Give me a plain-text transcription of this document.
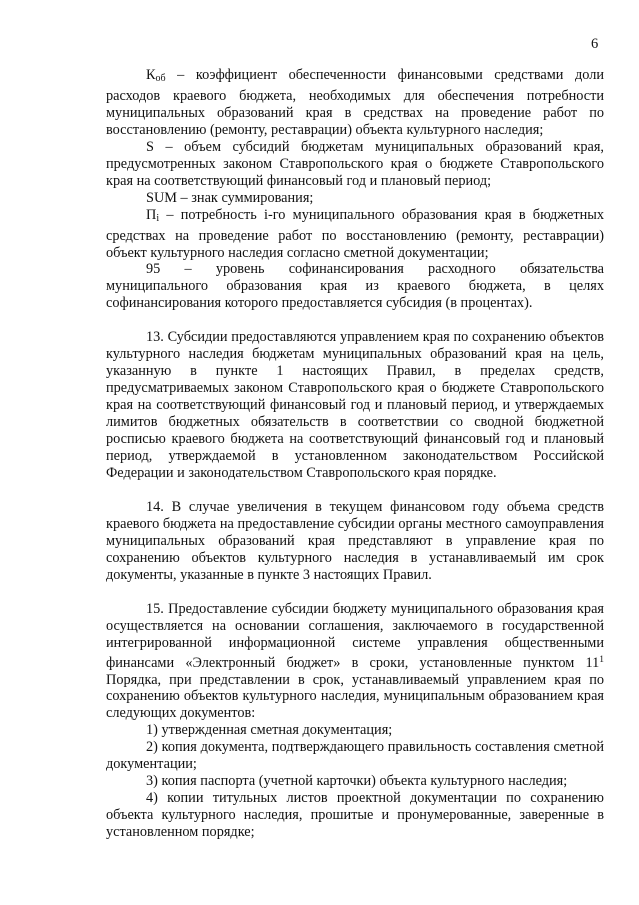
6

$К_{об}$ – коэффициент обеспеченности финансовыми средствами доли расходов краевого бюджета, необходимых для обеспечения потребности муниципальных образований края в средствах на проведение работ по восстановлению (ремонту, реставрации) объекта культурного наследия;

S – объем субсидий бюджетам муниципальных образований края, предусмотренных законом Ставропольского края о бюджете Ставропольского края на соответствующий финансовый год и плановый период;

SUM – знак суммирования;

$П_i$ – потребность i-го муниципального образования края в бюджетных средствах на проведение работ по восстановлению (ремонту, реставрации) объект культурного наследия согласно сметной документации;

95 – уровень софинансирования расходного обязательства муниципального образования края из краевого бюджета, в целях софинансирования которого предоставляется субсидия (в процентах).

13. Субсидии предоставляются управлением края по сохранению объектов культурного наследия бюджетам муниципальных образований края на цель, указанную в пункте 1 настоящих Правил, в пределах средств, предусматриваемых законом Ставропольского края о бюджете Ставропольского края на соответствующий финансовый год и плановый период, и утверждаемых лимитов бюджетных обязательств в соответствии со сводной бюджетной росписью краевого бюджета на соответствующий финансовый год и плановый период, утверждаемой в установленном законодательством Российской Федерации и законодательством Ставропольского края порядке.

14. В случае увеличения в текущем финансовом году объема средств краевого бюджета на предоставление субсидии органы местного самоуправления муниципальных образований края представляют в управление края по сохранению объектов культурного наследия в устанавливаемый им срок документы, указанные в пункте 3 настоящих Правил.

15. Предоставление субсидии бюджету муниципального образования края осуществляется на основании соглашения, заключаемого в государственной интегрированной информационной системе управления общественными финансами «Электронный бюджет» в сроки, установленные пунктом $11^1$ Порядка, при представлении в срок, устанавливаемый управлением края по сохранению объектов культурного наследия, муниципальным образованием края следующих документов:

1) утвержденная сметная документация;

2) копия документа, подтверждающего правильность составления сметной документации;

3) копия паспорта (учетной карточки) объекта культурного наследия;

4) копии титульных листов проектной документации по сохранению объекта культурного наследия, прошитые и пронумерованные, заверенные в установленном порядке;
